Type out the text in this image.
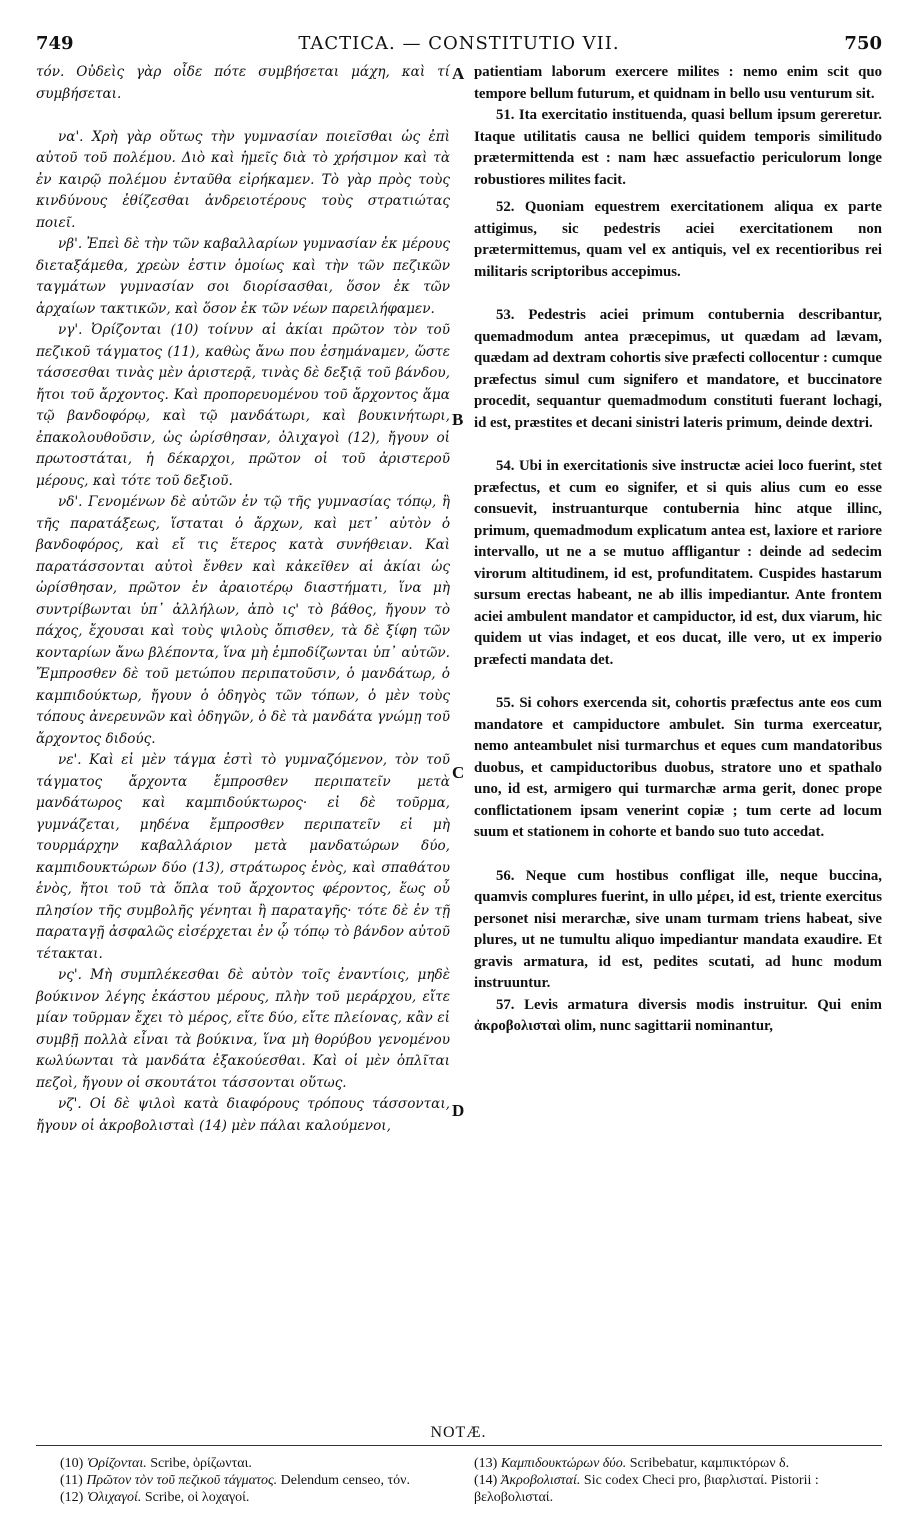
749	TACTICA. — CONSTITUTIO VII.	750

τόν. Οὐδεὶς γὰρ οἶδε πότε συμβήσεται μάχη, καὶ τί συμβήσεται.

να'. Χρὴ γὰρ οὕτως τὴν γυμνασίαν ποιεῖσθαι ὡς ἐπὶ αὐτοῦ τοῦ πολέμου. Διὸ καὶ ἡμεῖς διὰ τὸ χρήσιμον καὶ τὰ ἐν καιρῷ πολέμου ἐνταῦθα εἰρήκαμεν. Τὸ γὰρ πρὸς τοὺς κινδύνους ἐθίζεσθαι ἀνδρειοτέρους τοὺς στρατιώτας ποιεῖ.

νβ'. Ἐπεὶ δὲ τὴν τῶν καβαλλαρίων γυμνασίαν ἐκ μέρους διεταξάμεθα, χρεὼν ἐστιν ὁμοίως καὶ τὴν τῶν πεζικῶν ταγμάτων γυμνασίαν σοι διορίσασθαι, ὅσον ἐκ τῶν ἀρχαίων τακτικῶν, καὶ ὅσον ἐκ τῶν νέων παρειλήφαμεν.

νγ'. Ὀρίζονται (10) τοίνυν αἱ ἀκίαι πρῶτον τὸν τοῦ πεζικοῦ τάγματος (11), καθὼς ἄνω που ἐσημάναμεν, ὥστε τάσσεσθαι τινὰς μὲν ἀριστερᾷ, τινὰς δὲ δεξιᾷ τοῦ βάνδου, ἤτοι τοῦ ἄρχοντος. Καὶ προπορευομένου τοῦ ἄρχοντος ἅμα τῷ βανδοφόρῳ, καὶ τῷ μανδάτωρι, καὶ βουκινήτωρι, ἐπακολουθοῦσιν, ὡς ὡρίσθησαν, ὀλιχαγοὶ (12), ἤγουν οἱ πρωτοστάται, ἡ δέκαρχοι, πρῶτον οἱ τοῦ ἀριστεροῦ μέρους, καὶ τότε τοῦ δεξιοῦ.

νδ'. Γενομένων δὲ αὐτῶν ἐν τῷ τῆς γυμνασίας τόπῳ, ἢ τῆς παρατάξεως, ἵσταται ὁ ἄρχων, καὶ μετ᾽ αὐτὸν ὁ βανδοφόρος, καὶ εἴ τις ἕτερος κατὰ συνήθειαν. Καὶ παρατάσσονται αὐτοὶ ἔνθεν καὶ κἀκεῖθεν αἱ ἀκίαι ὡς ὡρίσθησαν, πρῶτον ἐν ἀραιοτέρῳ διαστήματι, ἵνα μὴ συντρίβωνται ὑπ᾽ ἀλλήλων, ἀπὸ ις' τὸ βάθος, ἤγουν τὸ πάχος, ἔχουσαι καὶ τοὺς ψιλοὺς ὄπισθεν, τὰ δὲ ξίφη τῶν κονταρίων ἄνω βλέποντα, ἵνα μὴ ἐμποδίζωνται ὑπ᾽ αὐτῶν. Ἔμπροσθεν δὲ τοῦ μετώπου περιπατοῦσιν, ὁ μανδάτωρ, ὁ καμπιδούκτωρ, ἤγουν ὁ ὁδηγὸς τῶν τόπων, ὁ μὲν τοὺς τόπους ἀνερευνῶν καὶ ὁδηγῶν, ὁ δὲ τὰ μανδάτα γνώμῃ τοῦ ἄρχοντος διδούς.

νε'. Καὶ εἰ μὲν τάγμα ἐστὶ τὸ γυμναζόμενον, τὸν τοῦ τάγματος ἄρχοντα ἔμπροσθεν περιπατεῖν μετὰ μανδάτωρος καὶ καμπιδούκτωρος· εἰ δὲ τοῦρμα, γυμνάζεται, μηδένα ἔμπροσθεν περιπατεῖν εἰ μὴ τουρμάρχην καβαλλάριον μετὰ μανδατώρων δύο, καμπιδουκτώρων δύο (13), στράτωρος ἑνὸς, καὶ σπαθάτου ἑνὸς, ἤτοι τοῦ τὰ ὅπλα τοῦ ἄρχοντος φέροντος, ἕως οὗ πλησίον τῆς συμβολῆς γένηται ἢ παραταγῆς· τότε δὲ ἐν τῇ παραταγῇ ἀσφαλῶς εἰσέρχεται ἐν ᾧ τόπῳ τὸ βάνδον αὐτοῦ τέτακται.

νς'. Μὴ συμπλέκεσθαι δὲ αὐτὸν τοῖς ἐναντίοις, μηδὲ βούκινον λέγης ἑκάστου μέρους, πλὴν τοῦ μεράρχου, εἴτε μίαν τοῦρμαν ἔχει τὸ μέρος, εἴτε δύο, εἴτε πλείονας, κἂν εἰ συμβῇ πολλὰ εἶναι τὰ βούκινα, ἵνα μὴ θορύβου γενομένου κωλύωνται τὰ μανδάτα ἐξακούεσθαι. Καὶ οἱ μὲν ὁπλῖται πεζοὶ, ἤγουν οἱ σκουτάτοι τάσσονται οὕτως.

νζ'. Οἱ δὲ ψιλοὶ κατὰ διαφόρους τρόπους τάσσονται, ἤγουν οἱ ἀκροβολισταὶ (14) μὲν πάλαι καλούμενοι,

A
B
C
D

patientiam laborum exercere milites : nemo enim scit quo tempore bellum futurum, et quidnam in bello usu venturum sit.

51. Ita exercitatio instituenda, quasi bellum ipsum gereretur. Itaque utilitatis causa ne bellici quidem temporis similitudo prætermittenda est : nam hæc assuefactio periculorum longe robustiores milites facit.

52. Quoniam equestrem exercitationem aliqua ex parte attigimus, sic pedestris aciei exercitationem non prætermittemus, quam vel ex antiquis, vel ex recentioribus rei militaris scriptoribus accepimus.

53. Pedestris aciei primum contubernia describantur, quemadmodum antea præcepimus, ut quædam ad lævam, quædam ad dextram cohortis sive præfecti collocentur : cumque præfectus simul cum signifero et mandatore, et buccinatore procedit, sequantur quemadmodum constituti fuerant lochagi, id est, præstites et decani sinistri lateris primum, deinde dextri.

54. Ubi in exercitationis sive instructæ aciei loco fuerint, stet præfectus, et cum eo signifer, et si quis alius cum eo esse consuevit, instruanturque contubernia hinc atque illinc, primum, quemadmodum explicatum antea est, laxiore et rariore intervallo, ut ne a se mutuo affligantur : deinde ad sedecim virorum altitudinem, id est, profunditatem. Cuspides hastarum sursum erectas habeant, ne ab illis impediantur. Ante frontem aciei ambulent mandator et campiductor, id est, dux viarum, hic quidem ut vias indaget, et eos ducat, ille vero, ut ex imperio præfecti mandata det.

55. Si cohors exercenda sit, cohortis præfectus ante eos cum mandatore et campiductore ambulet. Sin turma exerceatur, nemo anteambulet nisi turmarchus et eques cum mandatoribus duobus, et campiductoribus duobus, stratore uno et spathalo uno, id est, armigero qui turmarchæ arma gerit, donec prope conflictationem ipsam venerint copiæ ; tum certe ad locum suum et stationem in cohorte et bando suo tuto accedat.

56. Neque cum hostibus confligat ille, neque buccina, quamvis complures fuerint, in ullo μέρει, id est, triente exercitus personet nisi merarchæ, sive unam turmam triens habeat, sive plures, ut ne tumultu aliquo impediantur mandata exaudire. Et gravis armatura, id est, pedites scutati, ad hunc modum instruuntur.

57. Levis armatura diversis modis instruitur. Qui enim ἀκροβολισταὶ olim, nunc sagittarii nominantur,

NOTÆ.

(10) Ὀρίζονται. Scribe, ὁρίζωνται.

(11) Πρῶτον τὸν τοῦ πεζικοῦ τάγματος. Delendum censeo, τόν.

(12) Ὀλιχαγοί. Scribe, οἱ λοχαγοί.

(13) Καμπιδουκτώρων δύο. Scribebatur, καμπικτόρων δ.

(14) Ἀκροβολισταί. Sic codex Checi pro, βιαρλισταί. Pistorii : βελοβολισταί.
